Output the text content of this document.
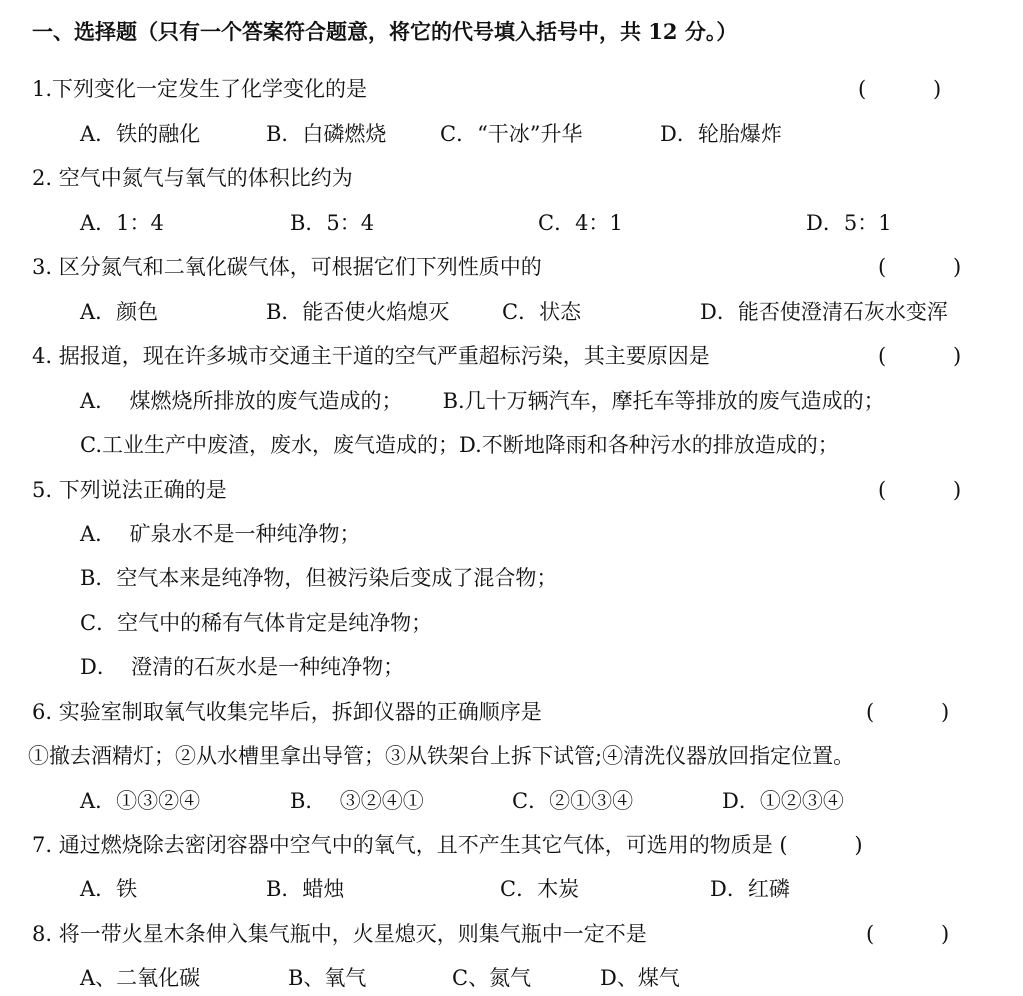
一、选择题（只有一个答案符合题意，将它的代号填入括号中，共 12 分。）
1.下列变化一定发生了化学变化的是	(          )
A．铁的融化	B．白磷燃烧	C．“干冰”升华	D．轮胎爆炸
2. 空气中氮气与氧气的体积比约为
A．1：4	B．5：4	C．4：1	D．5：1
3. 区分氮气和二氧化碳气体，可根据它们下列性质中的	(          )
A．颜色	B．能否使火焰熄灭	C．状态	D．能否使澄清石灰水变浑
4. 据报道，现在许多城市交通主干道的空气严重超标污染，其主要原因是	(          )
A．  煤燃烧所排放的废气造成的；      B.几十万辆汽车，摩托车等排放的废气造成的；
C.工业生产中废渣，废水，废气造成的；D.不断地降雨和各种污水的排放造成的；
5. 下列说法正确的是	(          )
A．  矿泉水不是一种纯净物；
B．空气本来是纯净物，但被污染后变成了混合物；
C．空气中的稀有气体肯定是纯净物；
D．  澄清的石灰水是一种纯净物；
6. 实验室制取氧气收集完毕后，拆卸仪器的正确顺序是	(          )
①撤去酒精灯；②从水槽里拿出导管；③从铁架台上拆下试管;④清洗仪器放回指定位置。
A．①③②④	B．  ③②④①	C．②①③④	D．①②③④
7. 通过燃烧除去密闭容器中空气中的氧气，且不产生其它气体，可选用的物质是 (          )
A．铁	B．蜡烛	C．木炭	D．红磷
8. 将一带火星木条伸入集气瓶中，火星熄灭，则集气瓶中一定不是	(          )
A、二氧化碳	B、氧气	C、氮气	D、煤气
